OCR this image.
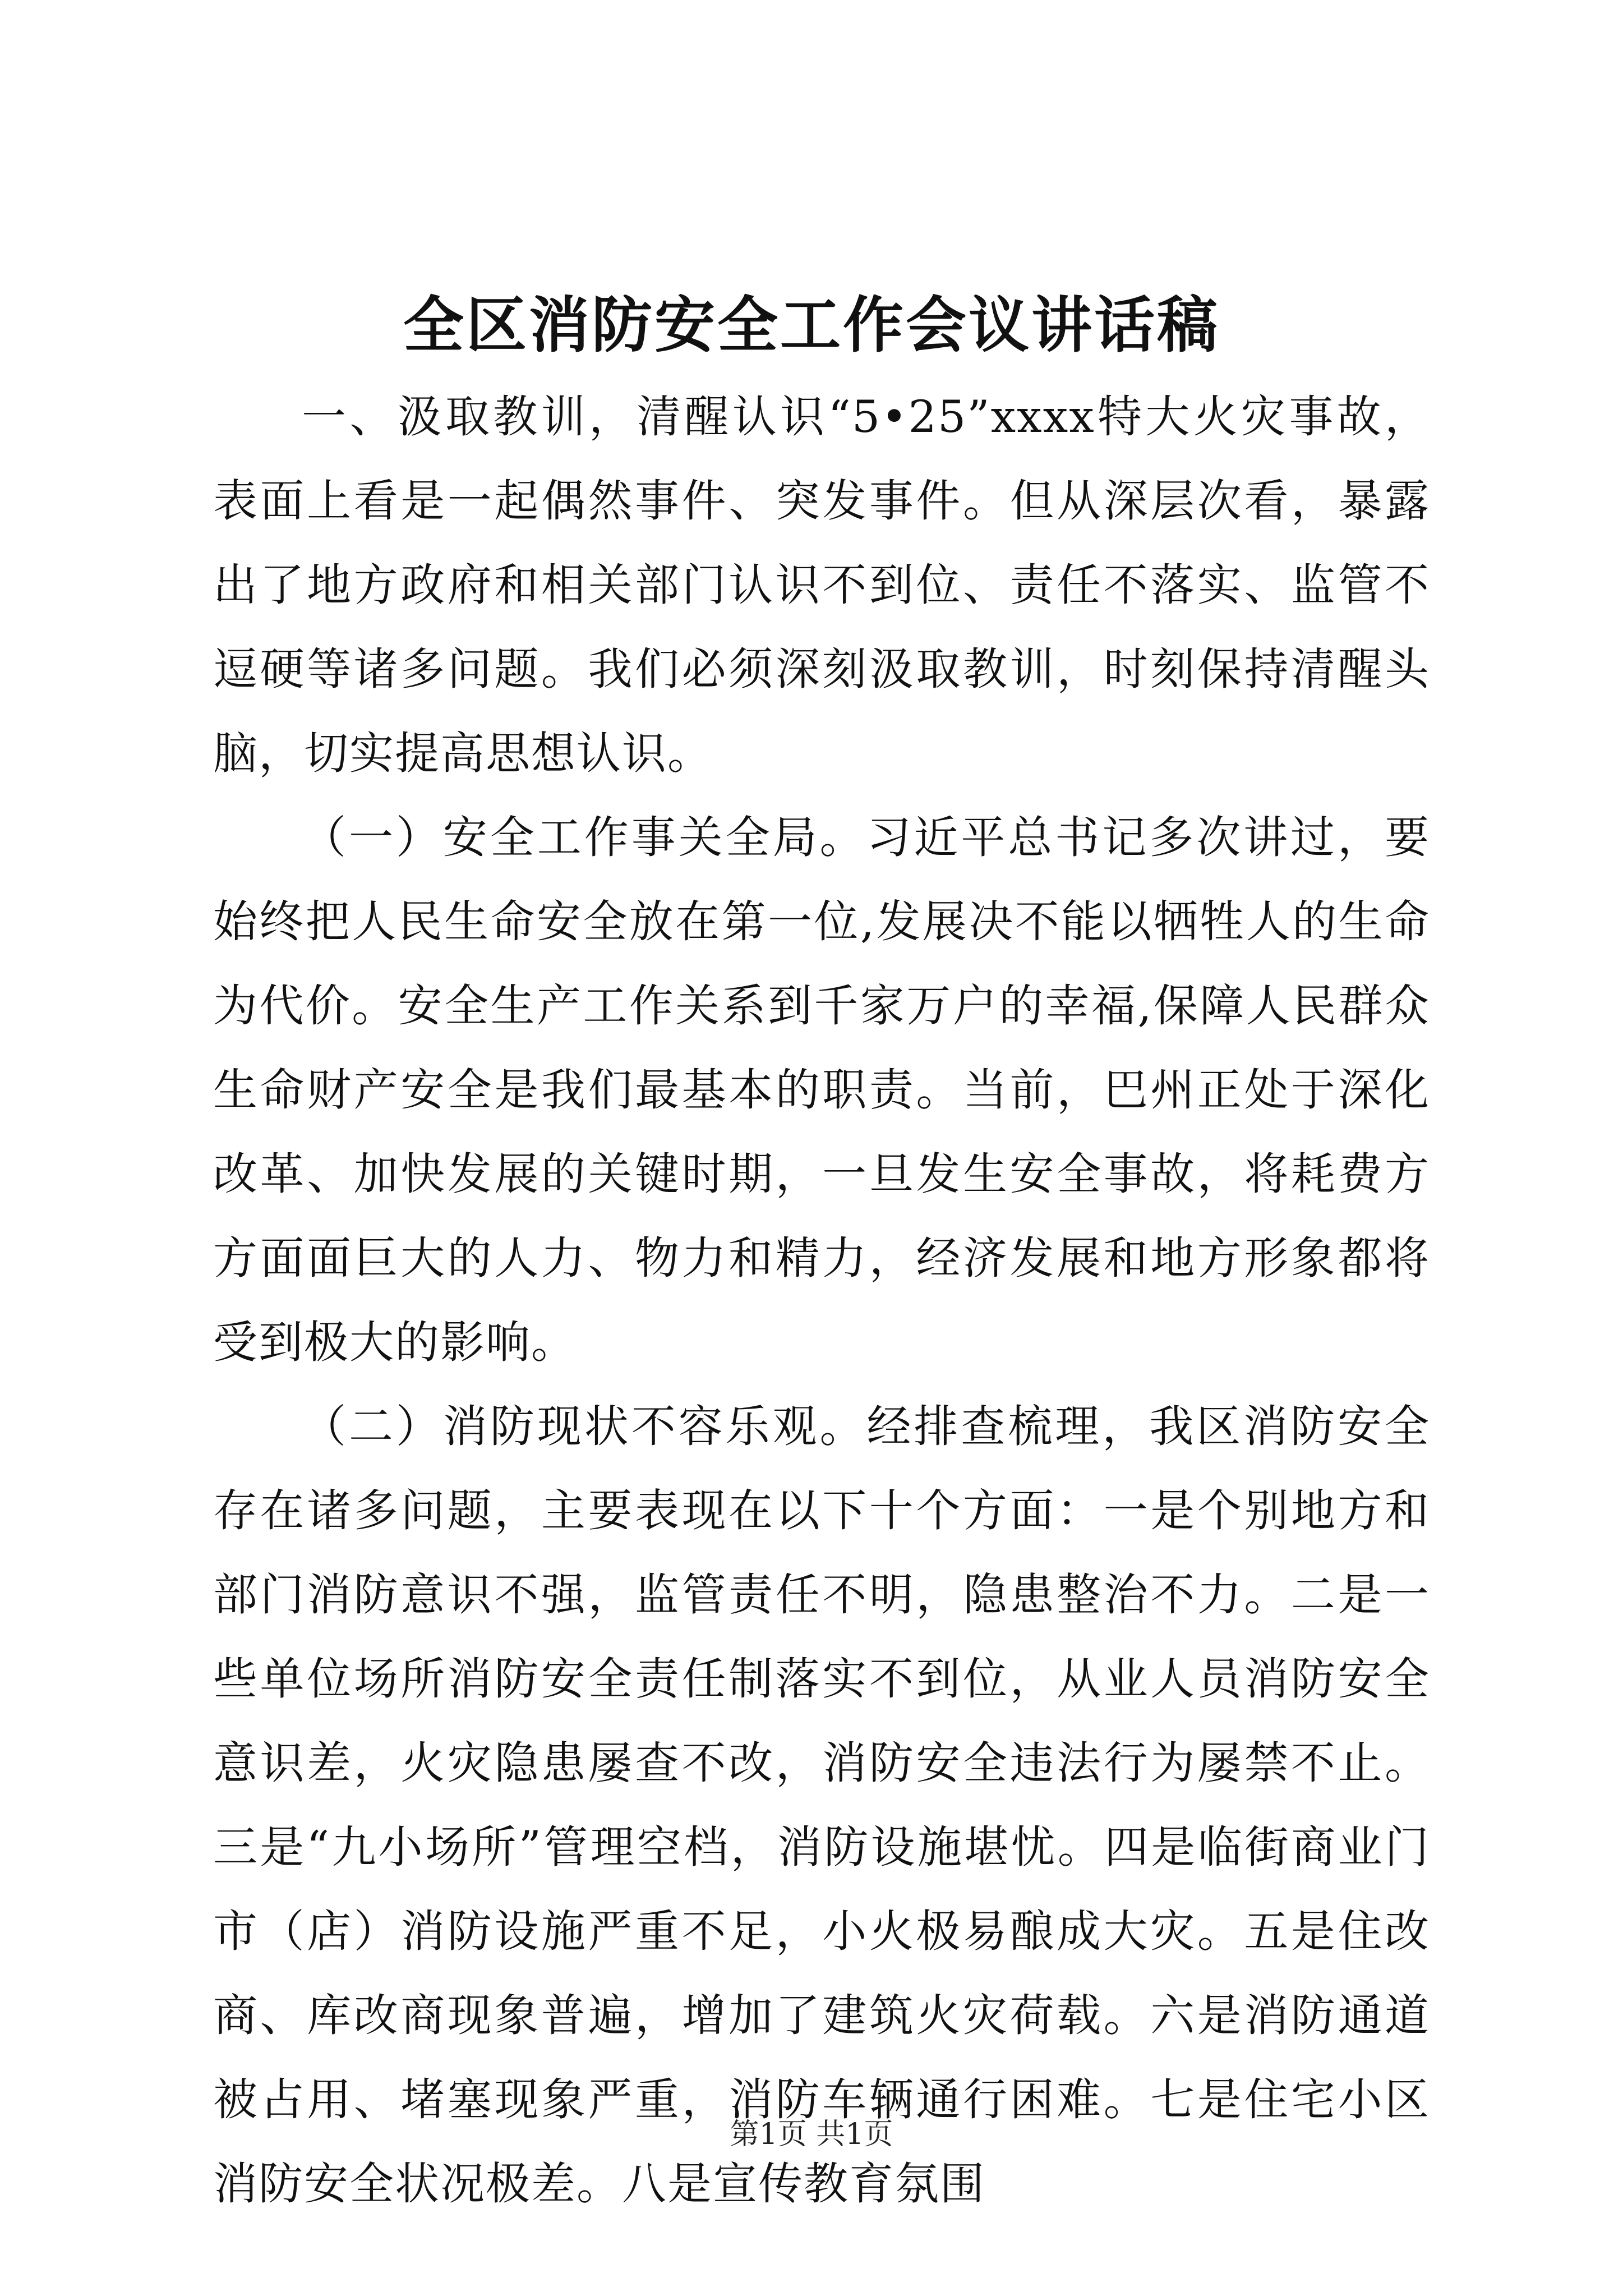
全区消防安全工作会议讲话稿

一、汲取教训，清醒认识“5•25”xxxx特大火灾事故，表面上看是一起偶然事件、突发事件。但从深层次看，暴露出了地方政府和相关部门认识不到位、责任不落实、监管不逗硬等诸多问题。我们必须深刻汲取教训，时刻保持清醒头脑，切实提高思想认识。

（一）安全工作事关全局。习近平总书记多次讲过，要始终把人民生命安全放在第一位,发展决不能以牺牲人的生命为代价。安全生产工作关系到千家万户的幸福,保障人民群众生命财产安全是我们最基本的职责。当前，巴州正处于深化改革、加快发展的关键时期，一旦发生安全事故，将耗费方方面面巨大的人力、物力和精力，经济发展和地方形象都将受到极大的影响。

（二）消防现状不容乐观。经排查梳理，我区消防安全存在诸多问题，主要表现在以下十个方面：一是个别地方和部门消防意识不强，监管责任不明，隐患整治不力。二是一些单位场所消防安全责任制落实不到位，从业人员消防安全意识差，火灾隐患屡查不改，消防安全违法行为屡禁不止。三是“九小场所”管理空档，消防设施堪忧。四是临街商业门市（店）消防设施严重不足，小火极易酿成大灾。五是住改商、库改商现象普遍，增加了建筑火灾荷载。六是消防通道被占用、堵塞现象严重，消防车辆通行困难。七是住宅小区消防安全状况极差。八是宣传教育氛围

第1页 共1页
